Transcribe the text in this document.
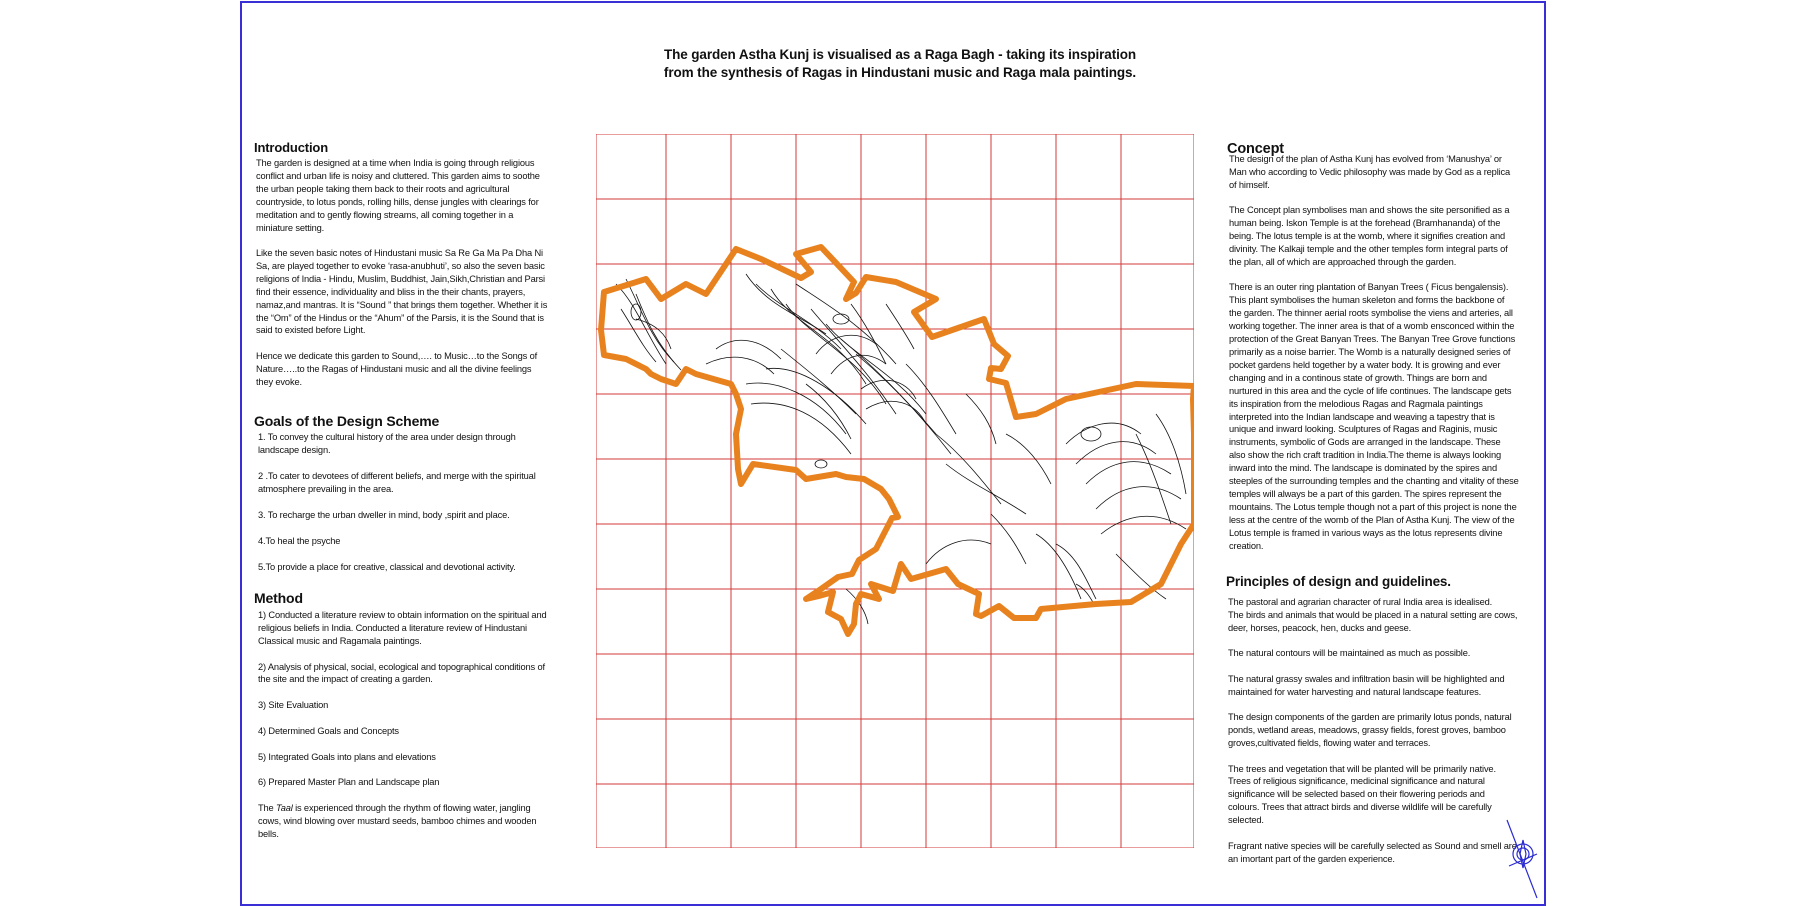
The garden Astha Kunj is visualised as a Raga Bagh - taking its inspiration
from the synthesis of Ragas in Hindustani music and Raga mala paintings.
Introduction

The garden is designed at a time when India is going through religious conflict and urban life is noisy and cluttered. This garden aims to soothe the urban people taking them back to their roots and agricultural countryside, to lotus ponds, rolling hills, dense jungles with clearings for meditation and to gently flowing streams, all coming together in a miniature setting.

Like the seven basic notes of Hindustani music Sa Re Ga Ma Pa Dha Ni Sa, are played together to evoke ‘rasa-anubhuti’, so also the seven basic religions of India - Hindu, Muslim, Buddhist, Jain,Sikh,Christian and Parsi find their essence, individuality and bliss in the their chants, prayers, namaz,and mantras. It is “Sound ” that brings them together. Whether it is the “Om” of the Hindus or the “Ahum” of the Parsis, it is the Sound that is said to existed before Light.

Hence we dedicate this garden to Sound,…. to Music…to the Songs of Nature…..to the Ragas of Hindustani music and all the divine feelings they evoke.

Goals of the Design Scheme

1. To convey the cultural history of the area under design through landscape design.

2 .To cater to devotees of different beliefs, and merge with the spiritual atmosphere prevailing in the area.

3. To recharge the urban dweller in mind, body ,spirit and place.

4.To heal the psyche

5.To provide a place for creative, classical and devotional activity.

Method

1) Conducted a literature review to obtain information on the spiritual and religious beliefs in India. Conducted a literature review of Hindustani Classical music and Ragamala paintings.

2) Analysis of physical, social, ecological and topographical conditions of the site and the impact of creating a garden.

3) Site Evaluation

4) Determined Goals and Concepts

5) Integrated Goals into plans and elevations

6) Prepared Master Plan and Landscape plan

The Taal is experienced through the rhythm of flowing water, jangling cows, wind blowing over mustard seeds, bamboo chimes and wooden bells.

Concept

The design of the plan of Astha Kunj has evolved from ‘Manushya’ or Man who according to Vedic philosophy was made by God as a replica of himself.

The Concept plan symbolises man and shows the site personified as a human being. Iskon Temple is at the forehead (Bramhananda) of the being. The lotus temple is at the womb, where it signifies creation and divinity. The Kalkaji temple and the other temples form integral parts of the plan, all of which are approached through the garden.

There is an outer ring plantation of Banyan Trees ( Ficus bengalensis). This plant symbolises the human skeleton and forms the backbone of the garden. The thinner aerial roots symbolise the viens and arteries, all working together. The inner area is that of a womb ensconced within the protection of the Great Banyan Trees. The Banyan Tree Grove functions primarily as a noise barrier. The Womb is a naturally designed series of pocket gardens held together by a water body. It is growing and ever changing and in a continous state of growth. Things are born and nurtured in this area and the cycle of life continues. The landscape gets its inspiration from the melodious Ragas and Ragmala paintings interpreted into the Indian landscape and weaving a tapestry that is unique and inward looking. Sculptures of Ragas and Raginis, music instruments, symbolic of Gods are arranged in the landscape. These also show the rich craft tradition in India.The theme is always looking inward into the mind. The landscape is dominated by the spires and steeples of the surrounding temples and the chanting and vitality of these temples will always be a part of this garden. The spires represent the mountains. The Lotus temple though not a part of this project is none the less at the centre of the womb of the Plan of Astha Kunj. The view of the Lotus temple is framed in various ways as the lotus represents divine creation.

Principles of design and guidelines.

The pastoral and agrarian character of rural India area is idealised.
The birds and animals that would be placed in a natural setting are cows, deer, horses, peacock, hen, ducks and geese.

The natural contours will be maintained as much as possible.

The natural grassy swales and infiltration basin will be highlighted and maintained for water harvesting and natural landscape features.

The design components of the garden are primarily lotus ponds, natural ponds, wetland areas, meadows, grassy fields, forest groves, bamboo groves,cultivated fields, flowing water and terraces.

The trees and vegetation that will be planted will be primarily native. Trees of religious significance, medicinal significance and natural significance will be selected based on their flowering periods and colours. Trees that attract birds and diverse wildlife will be carefully selected.

Fragrant native species will be carefully selected as Sound and smell are an imortant part of the garden experience.
